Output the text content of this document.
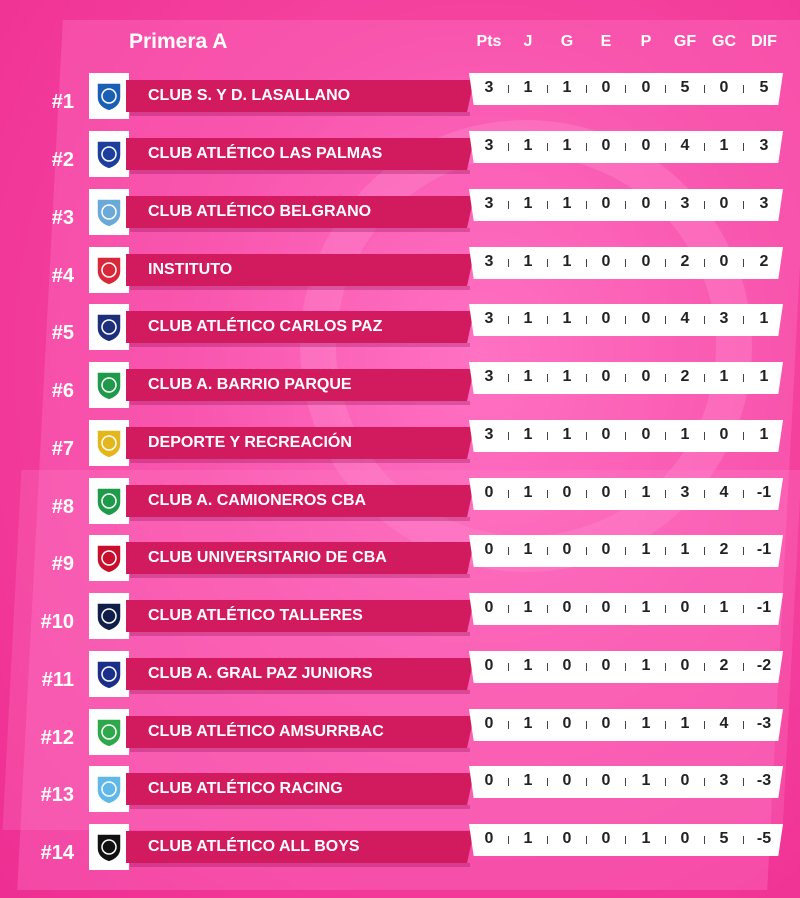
Primera A	Pts	J	G	E	P	GF GC DIF
#1	CLUB S. Y D. LASALLANO	3	1	1	0	0	5	0	5
#2	CLUB ATLÉTICO LAS PALMAS	3	1	1	0	0	4	1	3
#3	CLUB ATLÉTICO BELGRANO	3	1	1	0	0	3	0	3
#4	INSTITUTO	3	1	1	0	0	2	0	2
#5	CLUB ATLÉTICO CARLOS PAZ	3	1	1	0	0	4	3	1
#6	CLUB A. BARRIO PARQUE	3	1	1	0	0	2	1	1
#7	DEPORTE Y RECREACIÓN	3	1	1	0	0	1	0	1
#8	CLUB A. CAMIONEROS CBA	0	1	0	0	1	3	4	-1
#9	CLUB UNIVERSITARIO DE CBA	0	1	0	0	1	1	2	-1
#10	CLUB ATLÉTICO TALLERES	0	1	0	0	1	0	1	-1
#11	CLUB A. GRAL PAZ JUNIORS	0	1	0	0	1	0	2	-2
#12	CLUB ATLÉTICO AMSURRBAC	0	1	0	0	1	1	4	-3
#13	CLUB ATLÉTICO RACING	0	1	0	0	1	0	3	-3
#14	CLUB ATLÉTICO ALL BOYS	0	1	0	0	1	0	5	-5
